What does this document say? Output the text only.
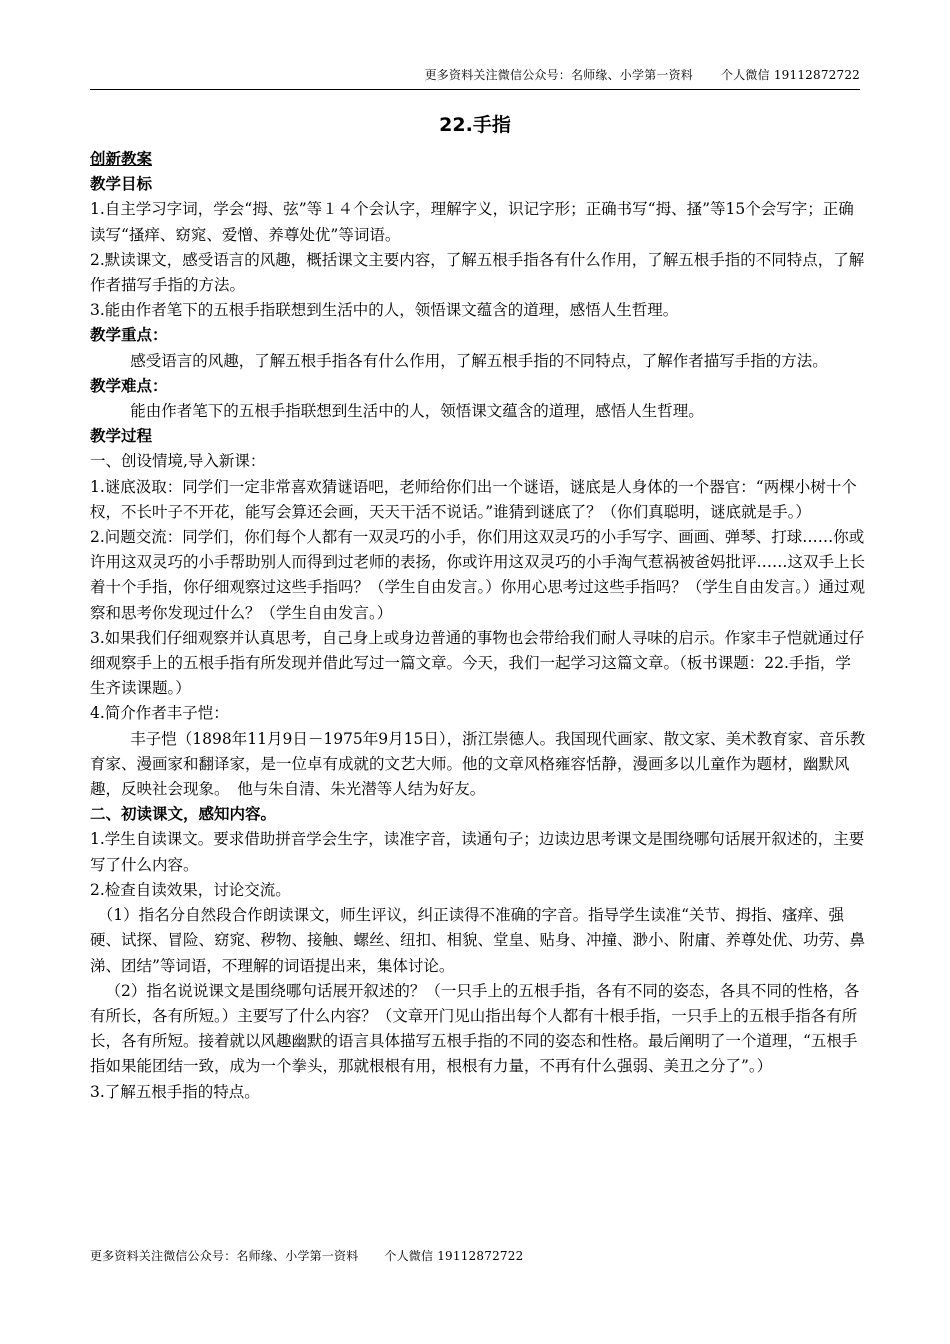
更多资料关注微信公众号：名师缘、小学第一资料 个人微信 19112872722
22.手指

创新教案

教学目标

1.自主学习字词，学会“拇、弦”等１４个会认字，理解字义，识记字形；正确书写“拇、搔”等15个会写字；正确读写“搔痒、窈窕、爱憎、养尊处优”等词语。

2.默读课文，感受语言的风趣，概括课文主要内容，了解五根手指各有什么作用，了解五根手指的不同特点，了解作者描写手指的方法。

3.能由作者笔下的五根手指联想到生活中的人，领悟课文蕴含的道理，感悟人生哲理。

教学重点：

感受语言的风趣，了解五根手指各有什么作用，了解五根手指的不同特点，了解作者描写手指的方法。

教学难点：

能由作者笔下的五根手指联想到生活中的人，领悟课文蕴含的道理，感悟人生哲理。

教学过程

一、创设情境,导入新课：

1.谜底汲取：同学们一定非常喜欢猜谜语吧，老师给你们出一个谜语，谜底是人身体的一个器官：“两棵小树十个杈，不长叶子不开花，能写会算还会画，天天干活不说话。”谁猜到谜底了？（你们真聪明，谜底就是手。）

2.问题交流：同学们，你们每个人都有一双灵巧的小手，你们用这双灵巧的小手写字、画画、弹琴、打球……你或许用这双灵巧的小手帮助别人而得到过老师的表扬，你或许用这双灵巧的小手淘气惹祸被爸妈批评……这双手上长着十个手指，你仔细观察过这些手指吗？（学生自由发言。）你用心思考过这些手指吗？（学生自由发言。）通过观察和思考你发现过什么？（学生自由发言。）

3.如果我们仔细观察并认真思考，自己身上或身边普通的事物也会带给我们耐人寻味的启示。作家丰子恺就通过仔细观察手上的五根手指有所发现并借此写过一篇文章。今天，我们一起学习这篇文章。（板书课题：22.手指，学生齐读课题。）

4.简介作者丰子恺：

丰子恺（1898年11月9日－1975年9月15日），浙江崇德人。我国现代画家、散文家、美术教育家、音乐教育家、漫画家和翻译家，是一位卓有成就的文艺大师。他的文章风格雍容恬静，漫画多以儿童作为题材，幽默风趣，反映社会现象。　他与朱自清、朱光潜等人结为好友。

二、初读课文，感知内容。

1.学生自读课文。要求借助拼音学会生字，读准字音，读通句子；边读边思考课文是围绕哪句话展开叙述的，主要写了什么内容。

2.检查自读效果，讨论交流。

（1）指名分自然段合作朗读课文，师生评议，纠正读得不准确的字音。指导学生读准“关节、拇指、瘙痒、强硬、试探、冒险、窈窕、秽物、接触、螺丝、纽扣、相貌、堂皇、贴身、冲撞、渺小、附庸、养尊处优、功劳、鼻涕、团结”等词语，不理解的词语提出来，集体讨论。

（2）指名说说课文是围绕哪句话展开叙述的？（一只手上的五根手指，各有不同的姿态，各具不同的性格，各有所长，各有所短。）主要写了什么内容？（文章开门见山指出每个人都有十根手指，一只手上的五根手指各有所长，各有所短。接着就以风趣幽默的语言具体描写五根手指的不同的姿态和性格。最后阐明了一个道理，“五根手指如果能团结一致，成为一个拳头，那就根根有用，根根有力量，不再有什么强弱、美丑之分了”。）

3.了解五根手指的特点。

更多资料关注微信公众号：名师缘、小学第一资料 个人微信 19112872722
